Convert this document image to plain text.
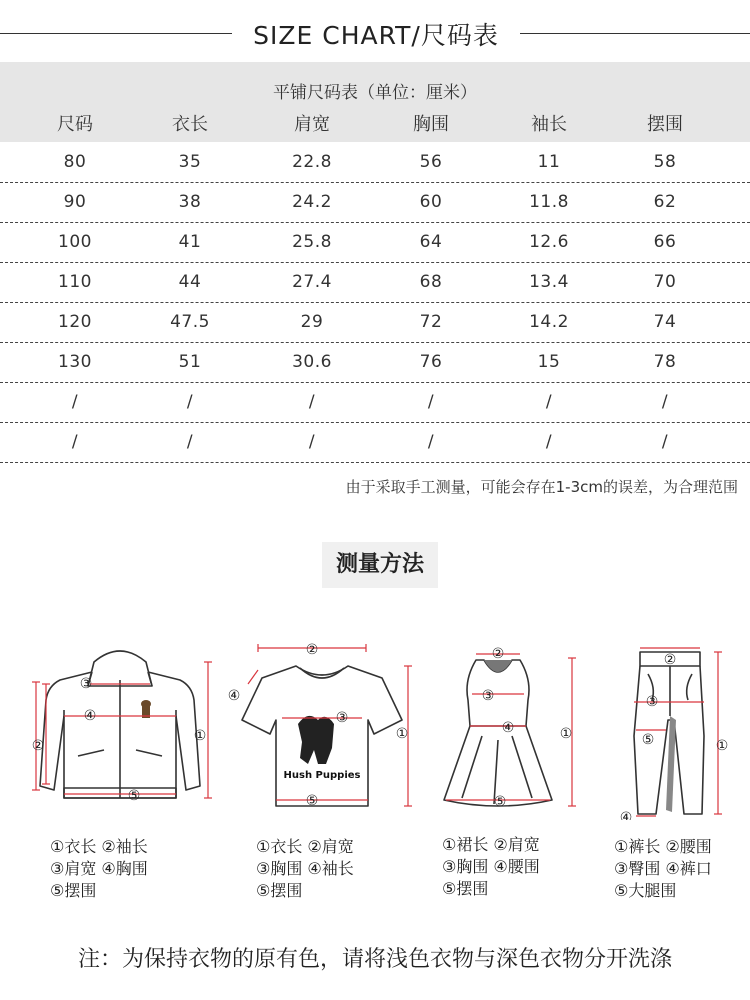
SIZE CHART/尺码表
平铺尺码表（单位：厘米）
尺码	衣长	肩宽	胸围	袖长	摆围
80	35	22.8	56	11	58
90	38	24.2	60	11.8	62
100	41	25.8	64	12.6	66
110	44	27.4	68	13.4	70
120	47.5	29	72	14.2	74
130	51	30.6	76	15	78
/	/	/	/	/	/
/	/	/	/	/	/
由于采取手工测量，可能会存在1-3cm的误差，为合理范围
测量方法
③
④
②
①
⑤
①衣长 ②袖长
③肩宽 ④胸围
⑤摆围
Hush Puppies
②
④
③
①
⑤
①衣长 ②肩宽
③胸围 ④袖长
⑤摆围
②
③
④	①
⑤
①裙长 ②肩宽
③胸围 ④腰围
⑤摆围
②
③
⑤	①
④
①裤长 ②腰围
③臀围 ④裤口
⑤大腿围
注：为保持衣物的原有色，请将浅色衣物与深色衣物分开洗涤
